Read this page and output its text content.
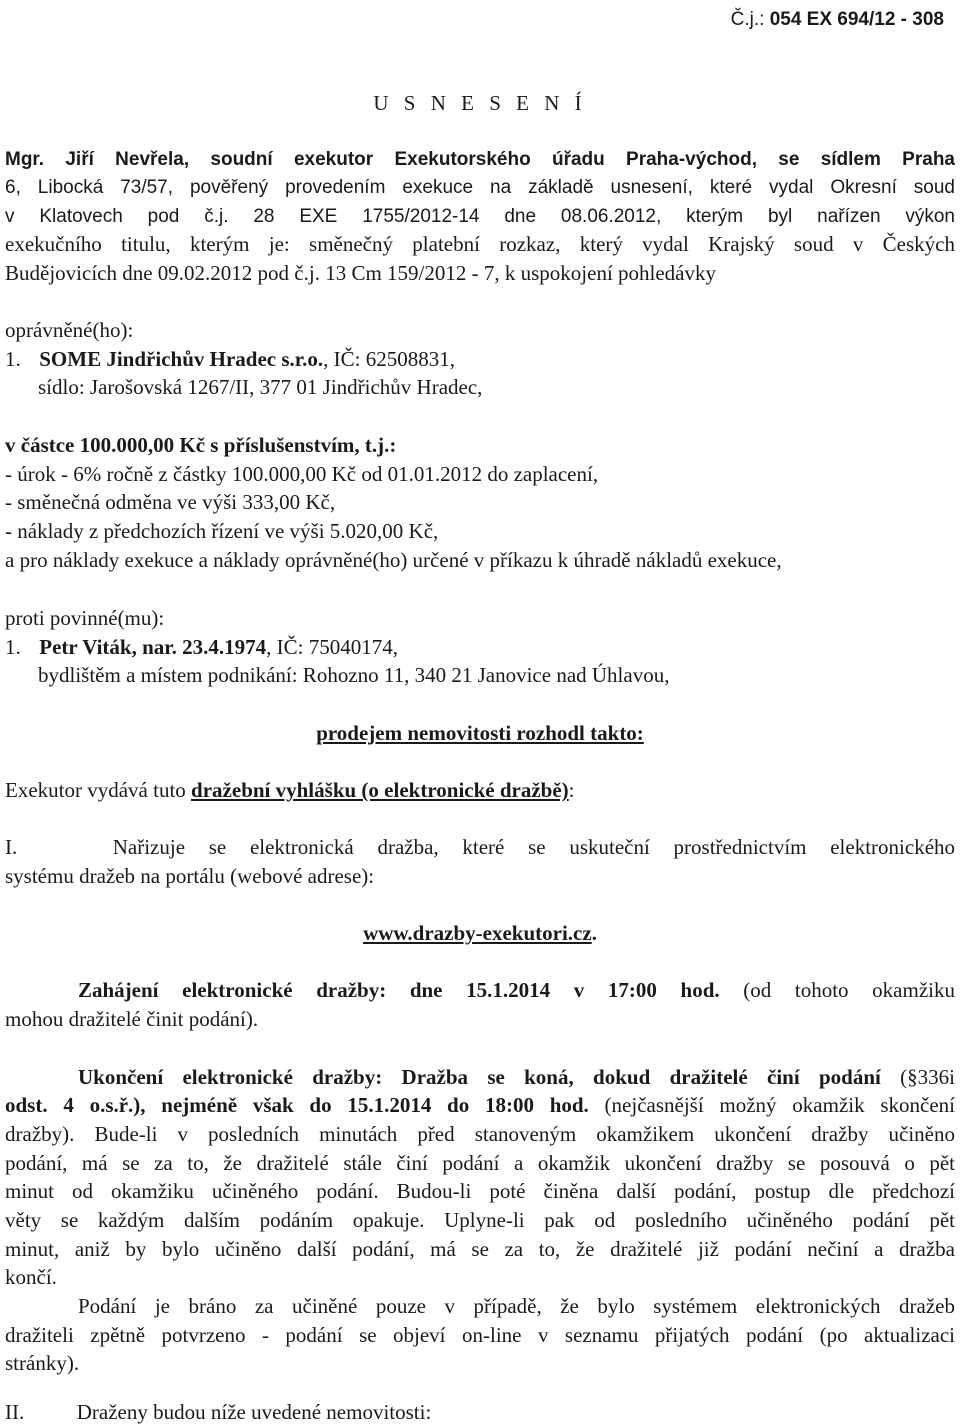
Č.j.: 054 EX 694/12 - 308
U S N E S E N Í
Mgr. Jiří Nevřela, soudní exekutor Exekutorského úřadu Praha-východ, se sídlem Praha
6, Libocká 73/57, pověřený provedením exekuce na základě usnesení, které vydal Okresní soud
v Klatovech pod č.j. 28 EXE 1755/2012-14 dne 08.06.2012, kterým byl nařízen výkon
exekučního titulu, kterým je: směnečný platební rozkaz, který vydal Krajský soud v Českých
Budějovicích dne 09.02.2012 pod č.j. 13 Cm 159/2012 - 7, k uspokojení pohledávky
oprávněné(ho):
1. SOME Jindřichův Hradec s.r.o., IČ: 62508831,
sídlo: Jarošovská 1267/II, 377 01 Jindřichův Hradec,
v částce 100.000,00 Kč s příslušenstvím, t.j.:
- úrok - 6% ročně z částky 100.000,00 Kč od 01.01.2012 do zaplacení,
- směnečná odměna ve výši 333,00 Kč,
- náklady z předchozích řízení ve výši 5.020,00 Kč,
a pro náklady exekuce a náklady oprávněné(ho) určené v příkazu k úhradě nákladů exekuce,
proti povinné(mu):
1. Petr Viták, nar. 23.4.1974, IČ: 75040174,
bydlištěm a místem podnikání: Rohozno 11, 340 21 Janovice nad Úhlavou,
prodejem nemovitosti rozhodl takto:
Exekutor vydává tuto dražební vyhlášku (o elektronické dražbě):
I.	Nařizuje se elektronická dražba, které se uskuteční prostřednictvím elektronického
systému dražeb na portálu (webové adrese):
www.drazby-exekutori.cz.
Zahájení elektronické dražby: dne 15.1.2014 v 17:00 hod. (od tohoto okamžiku
mohou dražitelé činit podání).
Ukončení elektronické dražby: Dražba se koná, dokud dražitelé činí podání (§336i
odst. 4 o.s.ř.), nejméně však do 15.1.2014 do 18:00 hod. (nejčasnější možný okamžik skončení
dražby). Bude-li v posledních minutách před stanoveným okamžikem ukončení dražby učiněno
podání, má se za to, že dražitelé stále činí podání a okamžik ukončení dražby se posouvá o pět
minut od okamžiku učiněného podání. Budou-li poté činěna další podání, postup dle předchozí
věty se každým dalším podáním opakuje. Uplyne-li pak od posledního učiněného podání pět
minut, aniž by bylo učiněno další podání, má se za to, že dražitelé již podání nečiní a dražba
končí.
Podání je bráno za učiněné pouze v případě, že bylo systémem elektronických dražeb
dražiteli zpětně potvrzeno - podání se objeví on-line v seznamu přijatých podání (po aktualizaci
stránky).
II.	Draženy budou níže uvedené nemovitosti:
